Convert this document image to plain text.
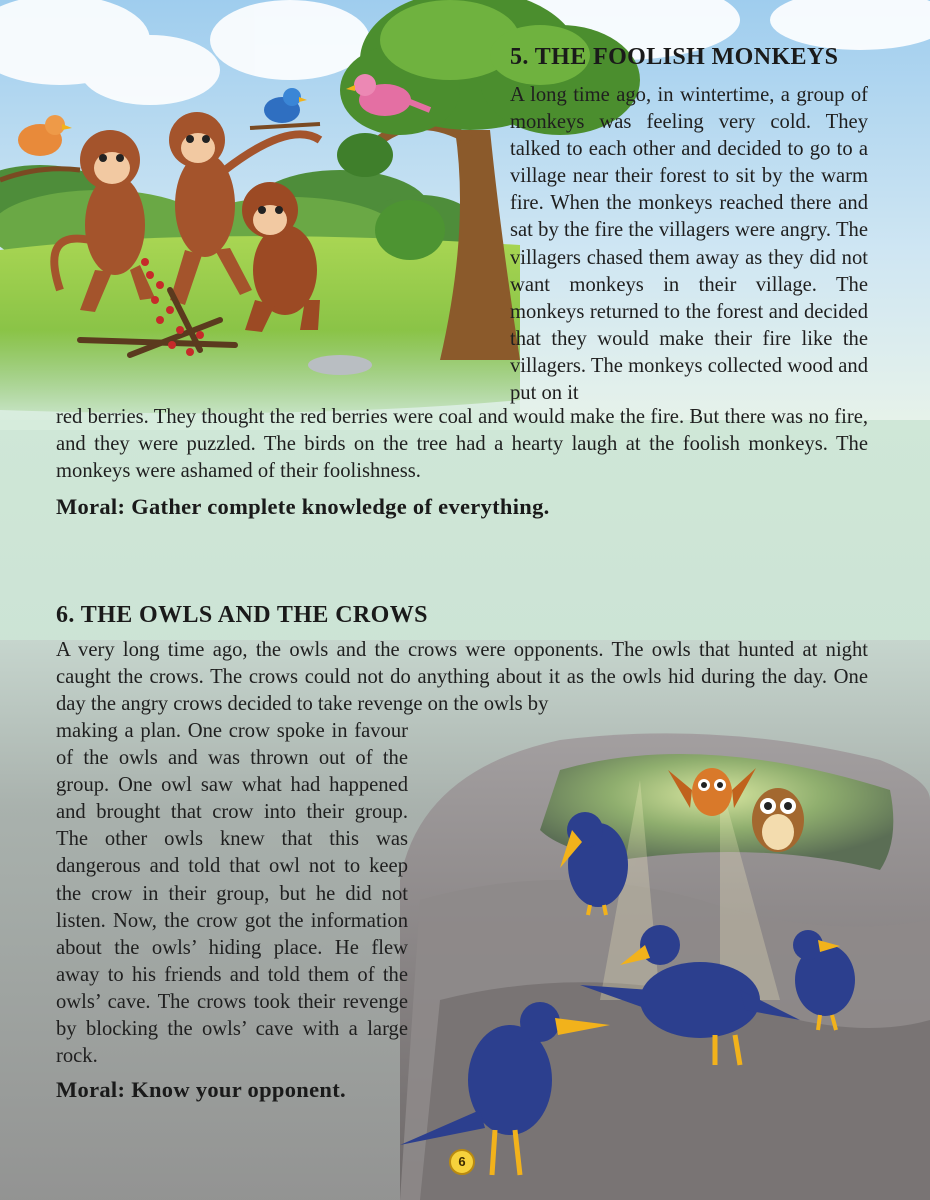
5. THE FOOLISH MONKEYS
A long time ago, in wintertime, a group of monkeys was feeling very cold. They talked to each other and decided to go to a village near their forest to sit by the warm fire. When the monkeys reached there and sat by the fire the villagers were angry. The villagers chased them away as they did not want monkeys in their village. The monkeys returned to the forest and decided that they would make their fire like the villagers. The monkeys collected wood and put on it
red berries. They thought the red berries were coal and would make the fire. But there was no fire, and they were puzzled. The birds on the tree had a hearty laugh at the foolish monkeys. The monkeys were ashamed of their foolishness.

Moral: Gather complete knowledge of everything.

6. THE OWLS AND THE CROWS
A very long time ago, the owls and the crows were opponents. The owls that hunted at night caught the crows. The crows could not do anything about it as the owls hid during the day. One day the angry crows decided to take revenge on the owls by
making a plan. One crow spoke in favour of the owls and was thrown out of the group. One owl saw what had happened and brought that crow into their group. The other owls knew that this was dangerous and told that owl not to keep the crow in their group, but he did not listen. Now, the crow got the information about the owls’ hiding place. He flew away to his friends and told them of the owls’ cave. The crows took their revenge by blocking the owls’ cave with a large rock.

Moral: Know your opponent.

6
